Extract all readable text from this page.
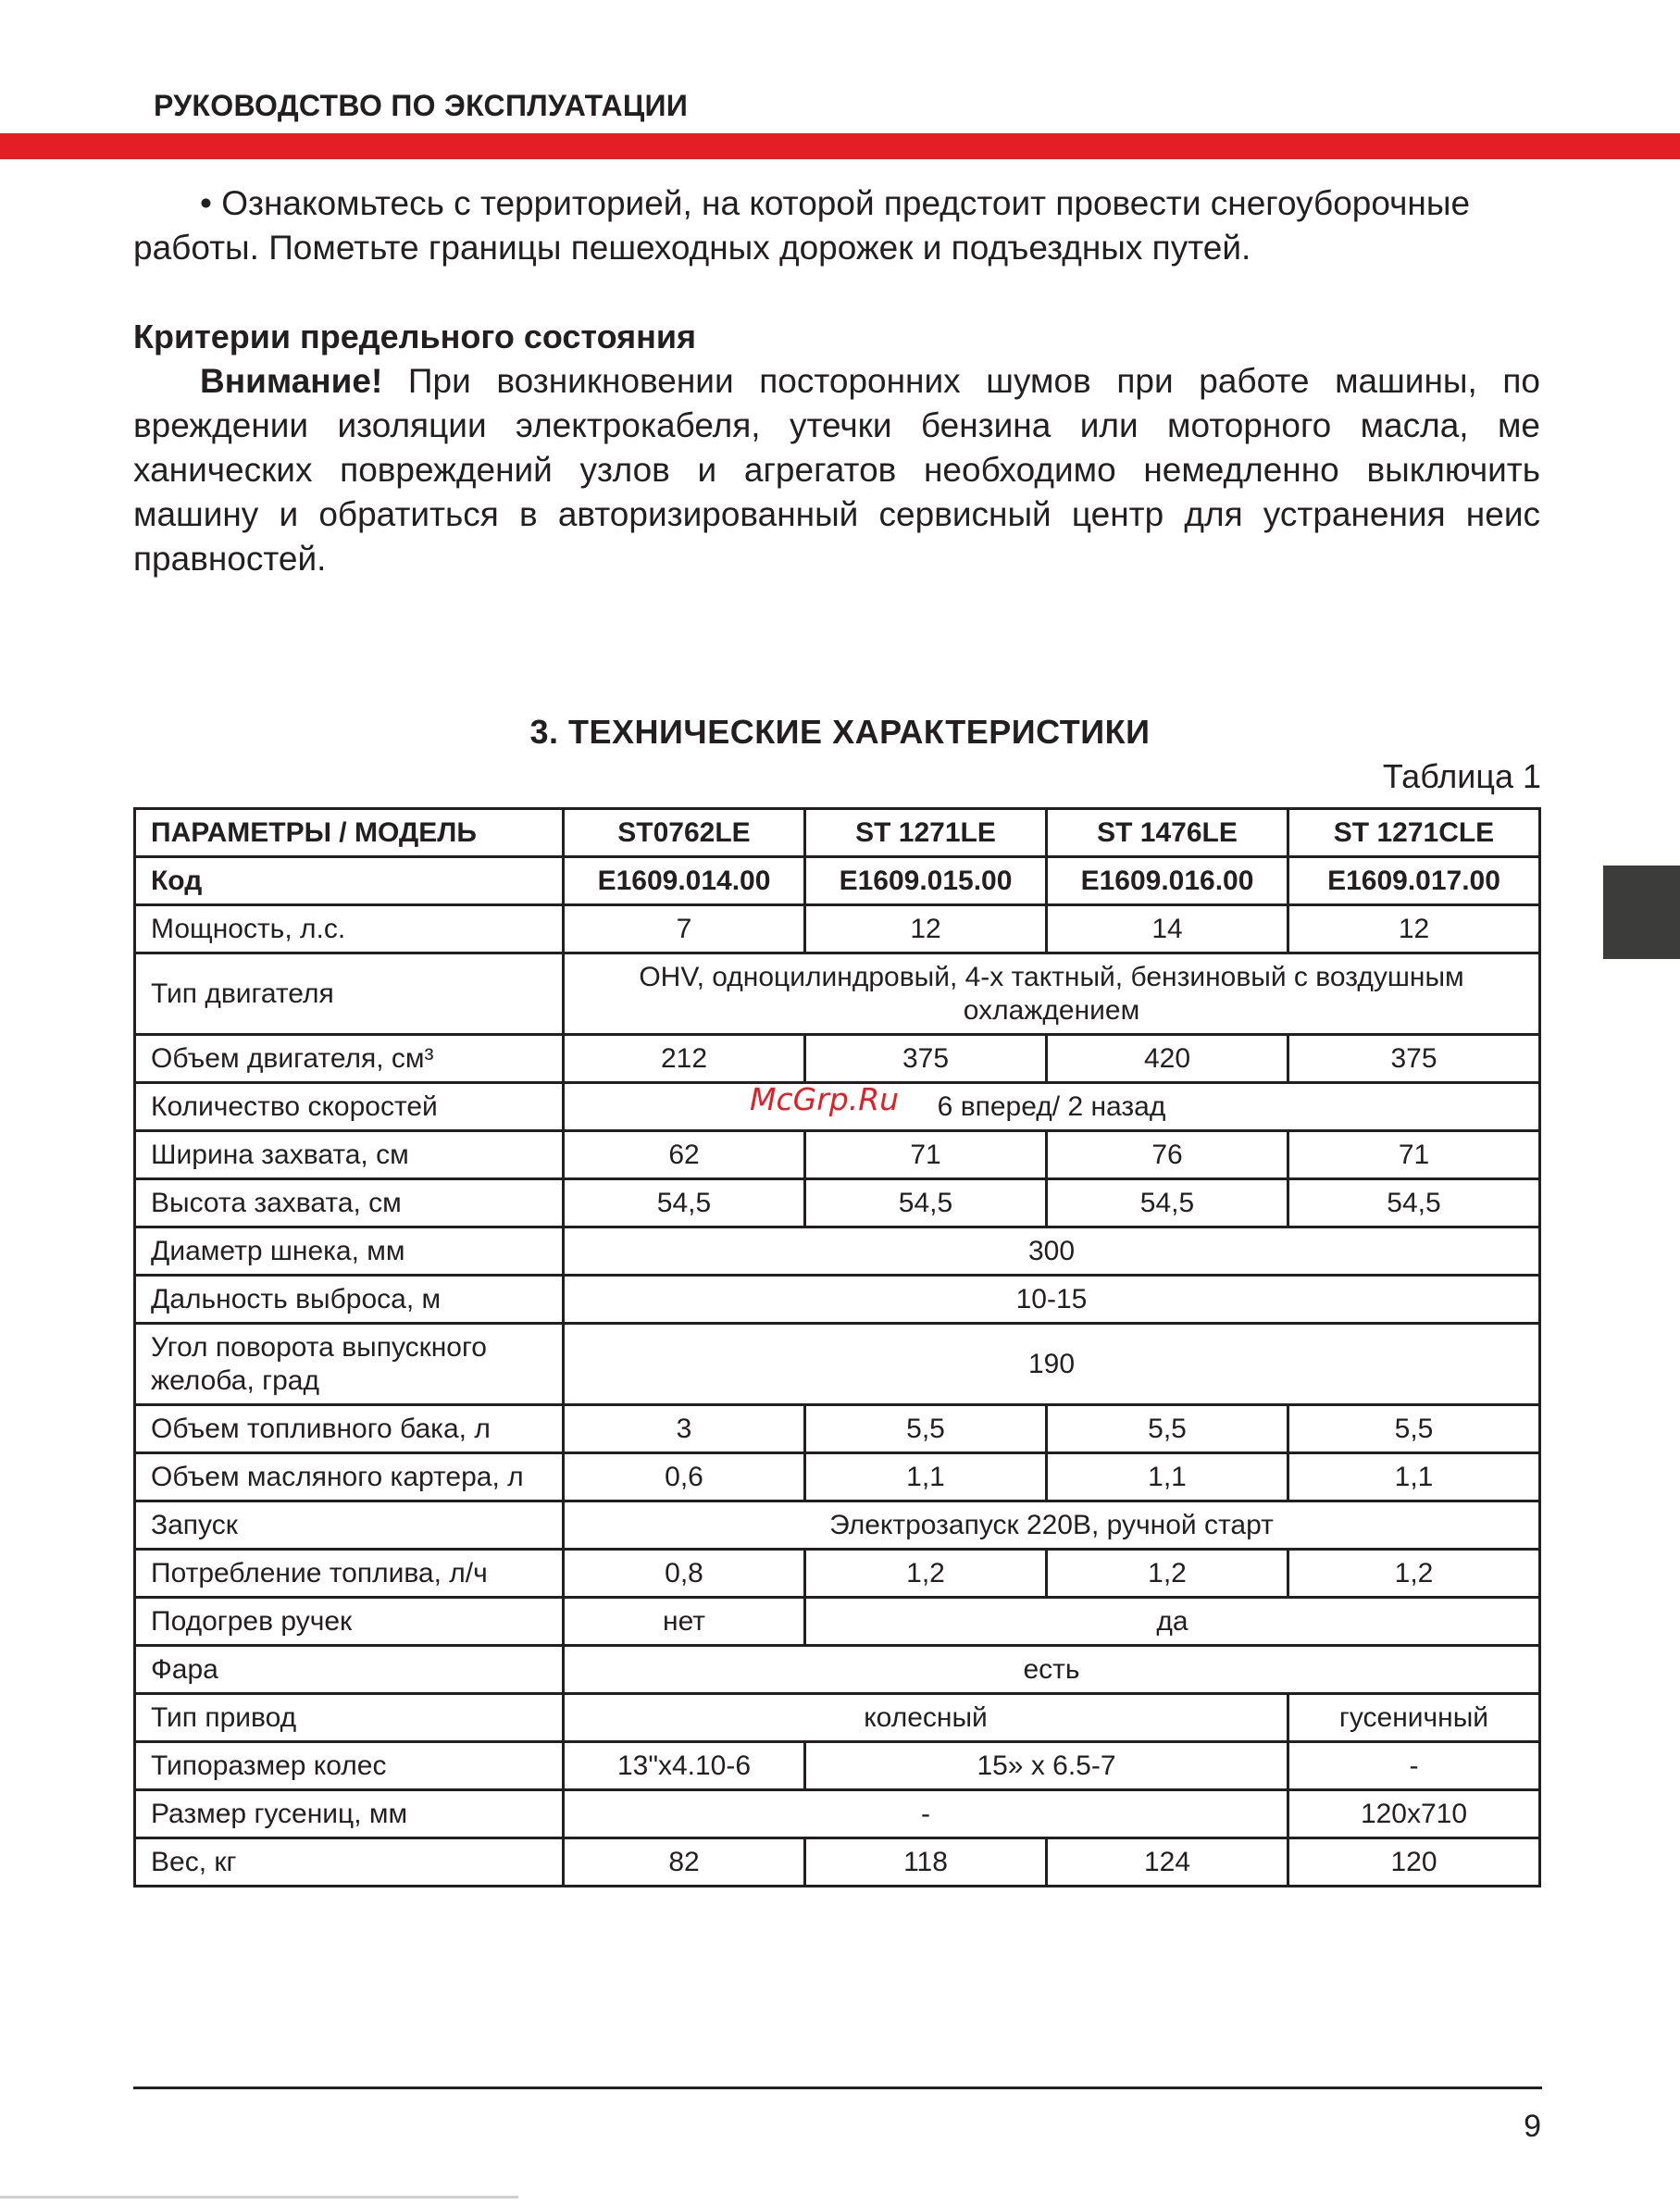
РУКОВОДСТВО ПО ЭКСПЛУАТАЦИИ

• Ознакомьтесь с территорией, на которой предстоит провести снегоуборочные работы. Пометьте границы пешеходных дорожек и подъездных путей.

Критерии предельного состояния

Внимание! При возникновении посторонних шумов при работе машины, по вреждении изоляции электрокабеля, утечки бензина или моторного масла, ме ханических повреждений узлов и агрегатов необходимо немедленно выключить машину и обратиться в авторизированный сервисный центр для устранения неис правностей.

3. ТЕХНИЧЕСКИЕ ХАРАКТЕРИСТИКИ
Таблица 1
ПАРАМЕТРЫ / МОДЕЛЬ	ST0762LE	ST 1271LE	ST 1476LE	ST 1271CLE
Код	E1609.014.00	E1609.015.00	E1609.016.00	E1609.017.00
Мощность, л.с.	7	12	14	12
Тип двигателя	OHV, одноцилиндровый, 4-х тактный, бензиновый с воздушным охлаждением			
Объем двигателя, см³	212	375	420	375
Количество скоростей	6 вперед/ 2 назад			
Ширина захвата, см	62	71	76	71
Высота захвата, см	54,5	54,5	54,5	54,5
Диаметр шнека, мм	300			
Дальность выброса, м	10-15			
Угол поворота выпускного желоба, град	190			
Объем топливного бака, л	3	5,5	5,5	5,5
Объем масляного картера, л	0,6	1,1	1,1	1,1
Запуск	Электрозапуск 220В, ручной старт			
Потребление топлива, л/ч	0,8	1,2	1,2	1,2
Подогрев ручек	нет	да		
Фара	есть			
Тип привод	колесный			гусеничный
Типоразмер колес	13"x4.10-6	15» x 6.5-7		-
Размер гусениц, мм	-			120x710
Вес, кг	82	118	124	120
McGrp.Ru
9
